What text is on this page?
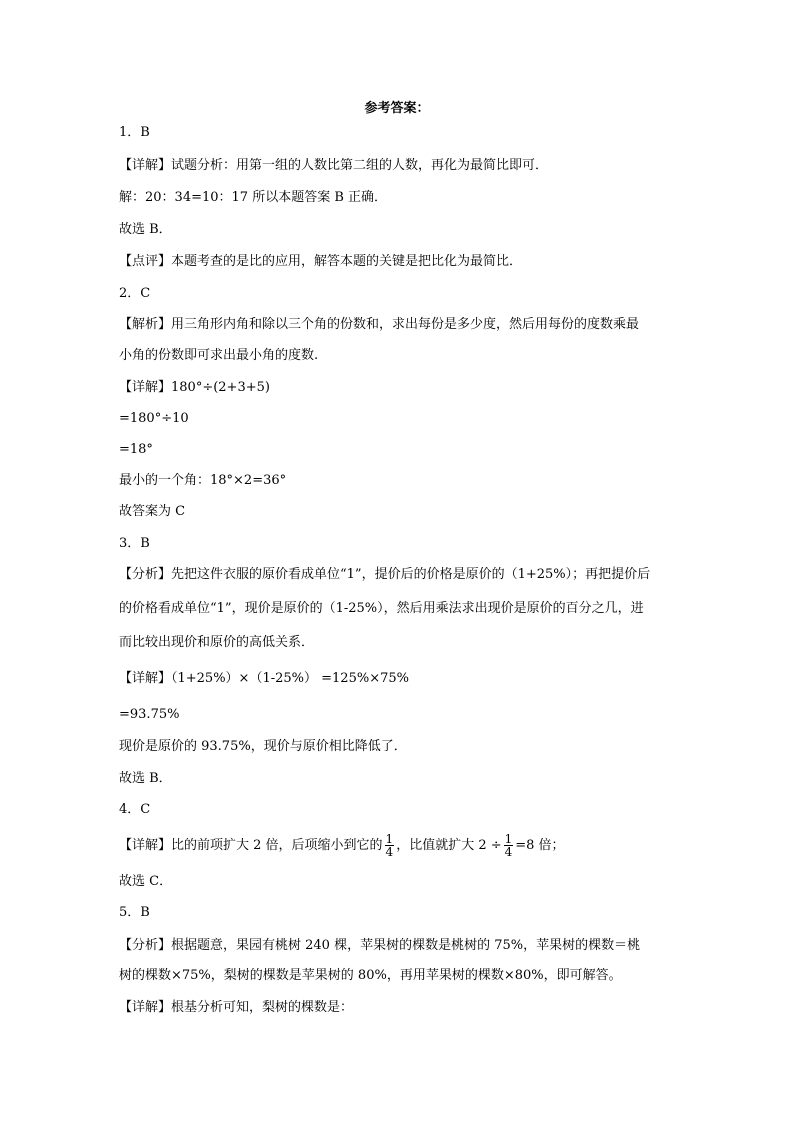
参考答案：
1．B
【详解】试题分析：用第一组的人数比第二组的人数，再化为最简比即可．
解：20：34=10：17 所以本题答案 B 正确．
故选 B．
【点评】本题考查的是比的应用，解答本题的关键是把比化为最简比．
2．C
【解析】用三角形内角和除以三个角的份数和，求出每份是多少度，然后用每份的度数乘最
小角的份数即可求出最小角的度数.
【详解】180°÷(2+3+5)
=180°÷10
=18°
最小的一个角：18°×2=36°
故答案为 C
3．B
【分析】先把这件衣服的原价看成单位“1”，提价后的价格是原价的（1+25%）；再把提价后
的价格看成单位“1”，现价是原价的（1-25%），然后用乘法求出现价是原价的百分之几，进
而比较出现价和原价的高低关系．
【详解】（1+25%）×（1-25%） =125%×75%
=93.75%
现价是原价的 93.75%，现价与原价相比降低了．
故选 B．
4．C
【详解】比的前项扩大 2 倍，后项缩小到它的 $\frac{1}{4}$ ，比值就扩大 $2 \div \frac{1}{4} =8$ 倍；
故选 C．
5．B
【分析】根据题意，果园有桃树 240 棵，苹果树的棵数是桃树的 75%，苹果树的棵数＝桃
树的棵数×75%，梨树的棵数是苹果树的 80%，再用苹果树的棵数×80%，即可解答。
【详解】根基分析可知，梨树的棵数是：
